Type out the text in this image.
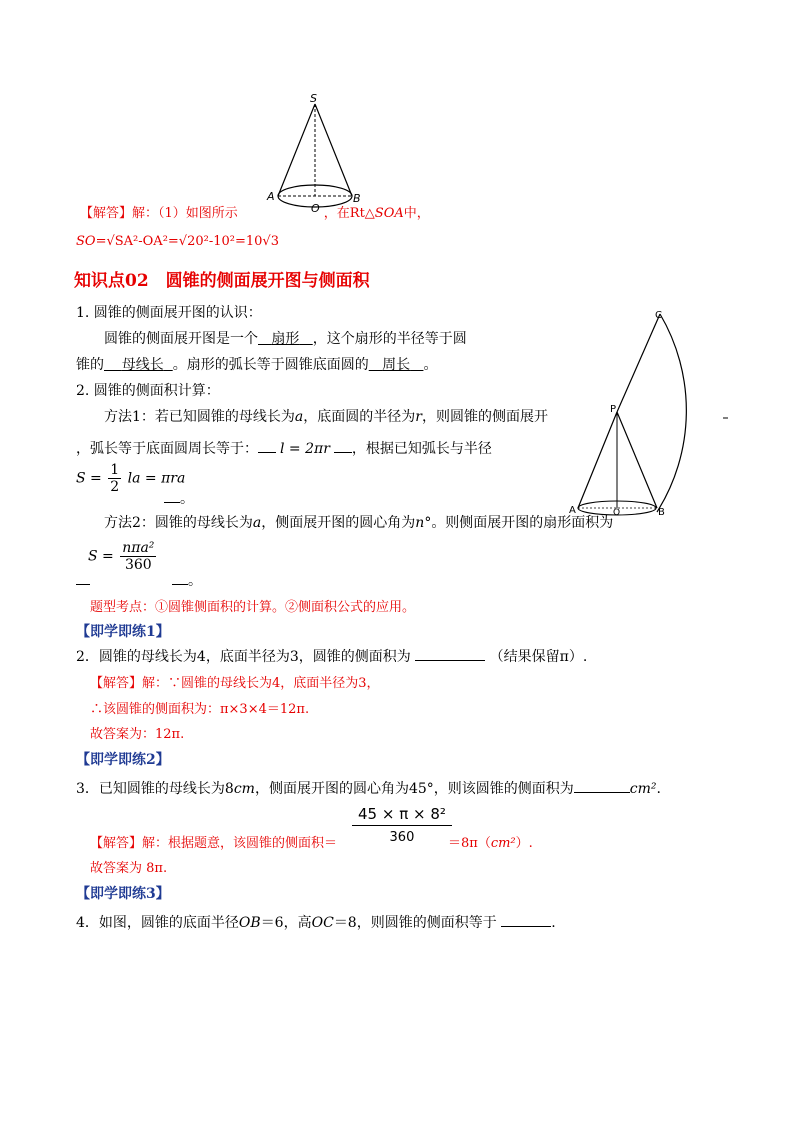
S
A	B
O
【解答】解：（1）如图所示	，在Rt△SOA中，
SO=√SA²-OA²=√20²-10²=10√3
知识点02　圆锥的侧面展开图与侧面积
1. 圆锥的侧面展开图的认识：
圆锥的侧面展开图是一个 扇形 ，这个扇形的半径等于圆
锥的 母线长 。扇形的弧长等于圆锥底面圆的 周长 。
2. 圆锥的侧面积计算：
方法1：若已知圆锥的母线长为a，底面圆的半径为r，则圆锥的侧面展开
，弧长等于底面圆周长等于： l = 2πr ，根据已知弧长与半径
$S = \frac{1}{2}$ la = πra
。
方法2：圆锥的母线长为a，侧面展开图的圆心角为n°。则侧面展开图的扇形面积为
$S = \frac{\text{nπa²}}{360}$
。
题型考点：①圆锥侧面积的计算。②侧面积公式的应用。
C
P
A	O	B
【即学即练1】
2．圆锥的母线长为4，底面半径为3，圆锥的侧面积为	（结果保留π）.
【解答】解：∵圆锥的母线长为4，底面半径为3，
∴该圆锥的侧面积为：π×3×4＝12π.
故答案为：12π.
【即学即练2】
3．已知圆锥的母线长为8cm，侧面展开图的圆心角为45°，则该圆锥的侧面积为	cm².
$\frac{\text{45 × π × 8²}}{360}$
【解答】解：根据题意，该圆锥的侧面积＝	＝8π（cm²）.
故答案为 8π.
【即学即练3】
4．如图，圆锥的底面半径OB＝6，高OC＝8，则圆锥的侧面积等于	.
